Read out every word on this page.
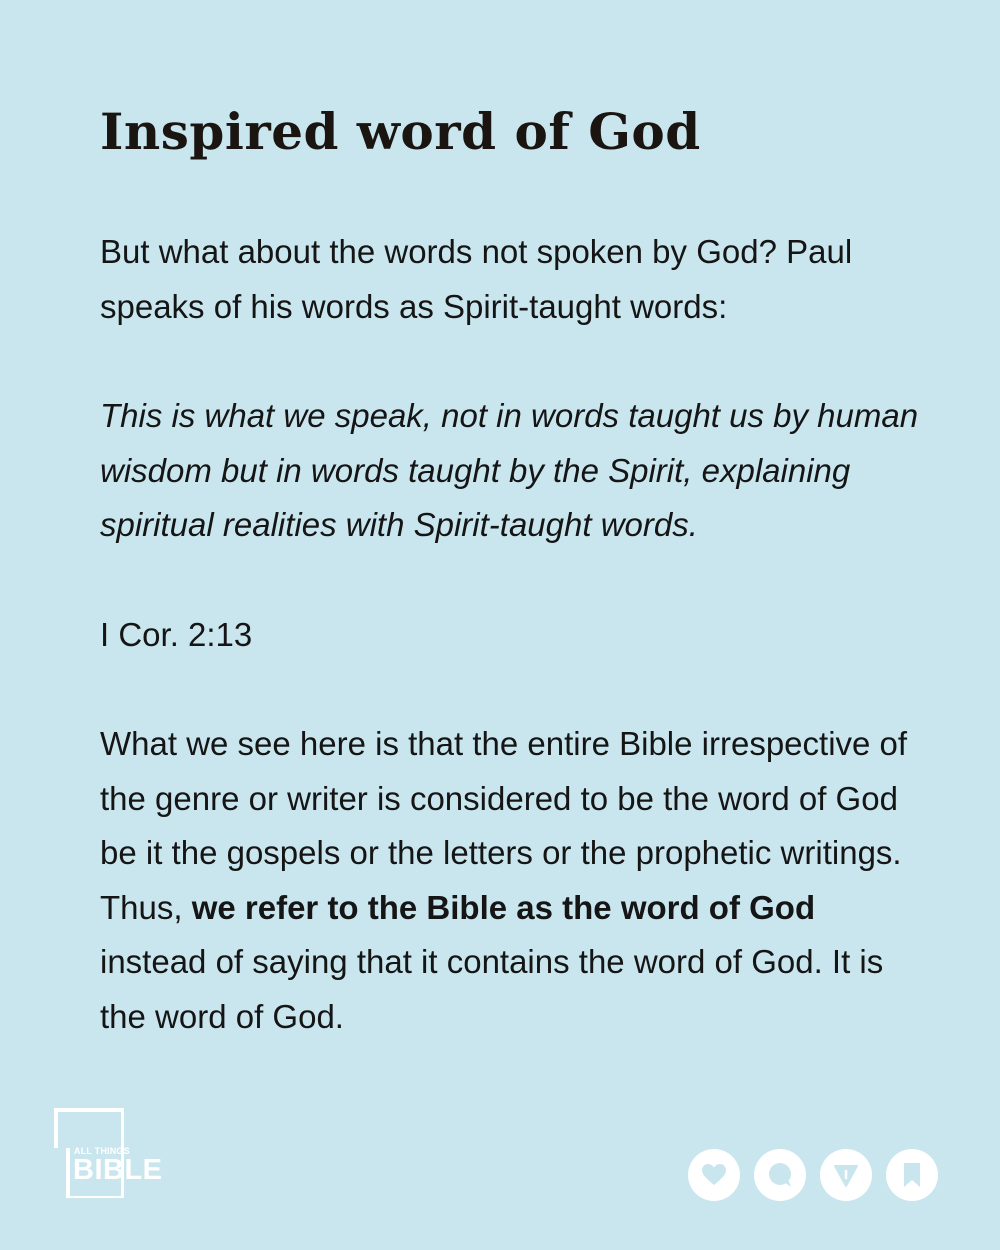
Inspired word of God

But what about the words not spoken by God? Paul speaks of his words as Spirit-taught words:

This is what we speak, not in words taught us by human wisdom but in words taught by the Spirit, explaining spiritual realities with Spirit-taught words.

I Cor. 2:13

What we see here is that the entire Bible irrespective of the genre or writer is considered to be the word of God be it the gospels or the letters or the prophetic writings. Thus, we refer to the Bible as the word of God instead of saying that it contains the word of God. It is the word of God.

ALL THINGS
BIBLE
